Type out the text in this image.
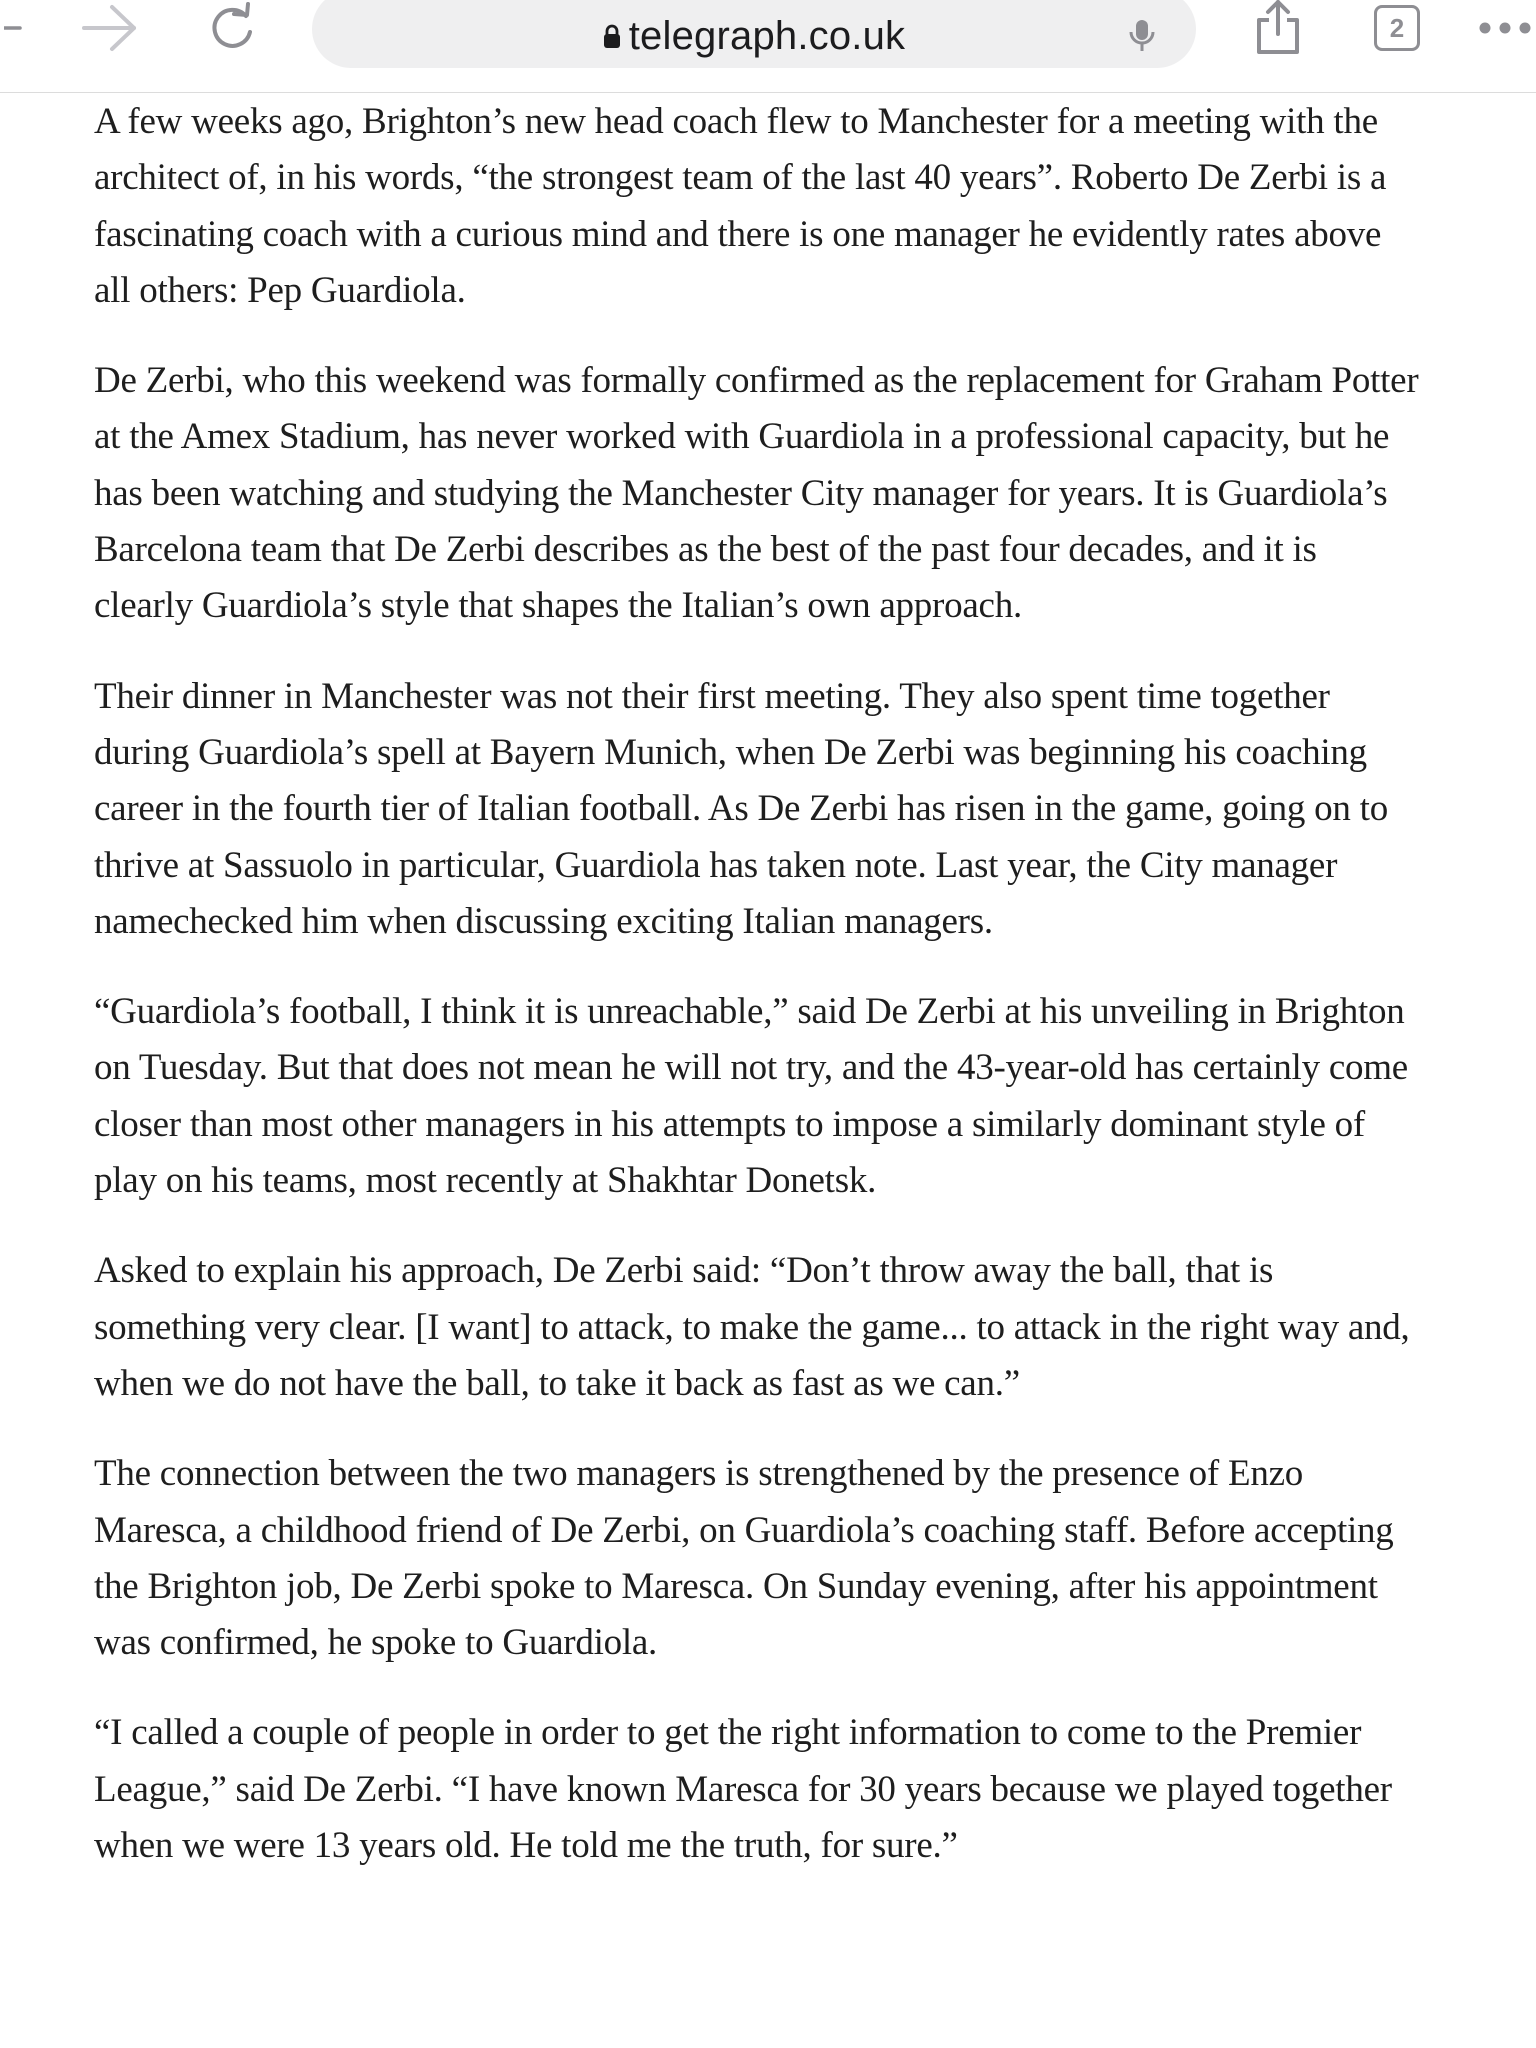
telegraph.co.uk	2

A few weeks ago, Brighton’s new head coach flew to Manchester for a meeting with the architect of, in his words, “the strongest team of the last 40 years”. Roberto De Zerbi is a fascinating coach with a curious mind and there is one manager he evidently rates above all others: Pep Guardiola.

De Zerbi, who this weekend was formally confirmed as the replacement for Graham Potter at the Amex Stadium, has never worked with Guardiola in a professional capacity, but he has been watching and studying the Manchester City manager for years. It is Guardiola’s Barcelona team that De Zerbi describes as the best of the past four decades, and it is clearly Guardiola’s style that shapes the Italian’s own approach.

Their dinner in Manchester was not their first meeting. They also spent time together during Guardiola’s spell at Bayern Munich, when De Zerbi was beginning his coaching career in the fourth tier of Italian football. As De Zerbi has risen in the game, going on to thrive at Sassuolo in particular, Guardiola has taken note. Last year, the City manager namechecked him when discussing exciting Italian managers.

“Guardiola’s football, I think it is unreachable,” said De Zerbi at his unveiling in Brighton on Tuesday. But that does not mean he will not try, and the 43-year-old has certainly come closer than most other managers in his attempts to impose a similarly dominant style of play on his teams, most recently at Shakhtar Donetsk.

Asked to explain his approach, De Zerbi said: “Don’t throw away the ball, that is something very clear. [I want] to attack, to make the game... to attack in the right way and, when we do not have the ball, to take it back as fast as we can.”

The connection between the two managers is strengthened by the presence of Enzo Maresca, a childhood friend of De Zerbi, on Guardiola’s coaching staff. Before accepting the Brighton job, De Zerbi spoke to Maresca. On Sunday evening, after his appointment was confirmed, he spoke to Guardiola.

“I called a couple of people in order to get the right information to come to the Premier League,” said De Zerbi. “I have known Maresca for 30 years because we played together when we were 13 years old. He told me the truth, for sure.”
